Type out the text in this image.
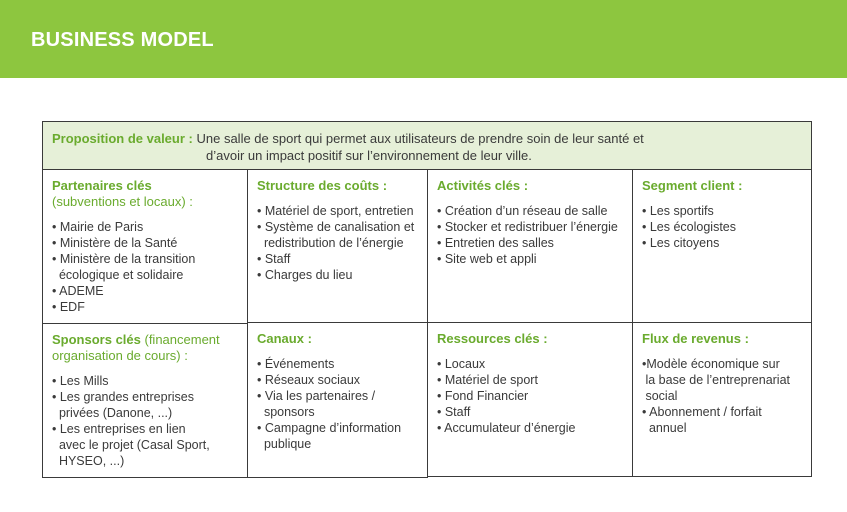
BUSINESS MODEL
Proposition de valeur : Une salle de sport qui permet aux utilisateurs de prendre soin de leur santé et
d’avoir un impact positif sur l’environnement de leur ville.
Partenaires clés
(subventions et locaux) :
• Mairie de Paris
• Ministère de la Santé
• Ministère de la transition
écologique et solidaire
• ADEME
• EDF
Structure des coûts :
• Matériel de sport, entretien
• Système de canalisation et
redistribution de l’énergie
• Staff
• Charges du lieu
Activités clés :
• Création d’un réseau de salle
• Stocker et redistribuer l’énergie
• Entretien des salles
• Site web et appli
Segment client :
• Les sportifs
• Les écologistes
• Les citoyens
Sponsors clés (financement
organisation de cours) :
• Les Mills
• Les grandes entreprises
privées (Danone, ...)
• Les entreprises en lien
avec le projet (Casal Sport,
HYSEO, ...)
Canaux :
• Événements
• Réseaux sociaux
• Via les partenaires /
sponsors
• Campagne d’information
publique
Ressources clés :
• Locaux
• Matériel de sport
• Fond Financier
• Staff
• Accumulateur d’énergie
Flux de revenus :
•Modèle économique sur
la base de l’entreprenariat
social
• Abonnement / forfait
annuel
